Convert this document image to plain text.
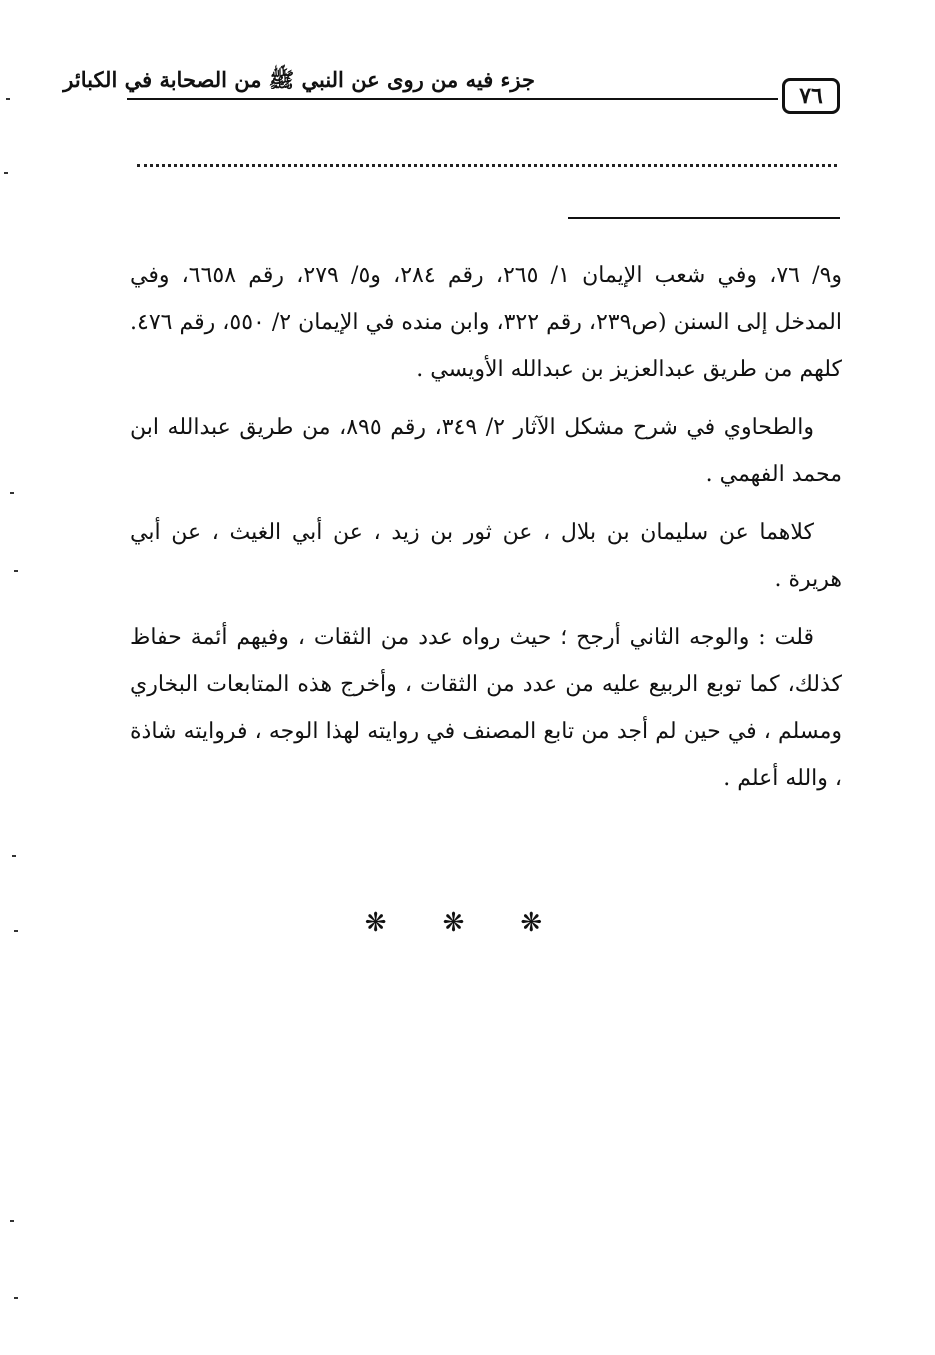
جزء فيه من روى عن النبي ﷺ من الصحابة في الكبائر
٧٦

و٩/ ٧٦، وفي شعب الإيمان ١/ ٢٦٥، رقم ٢٨٤، و٥/ ٢٧٩، رقم ٦٦٥٨، وفي المدخل إلى السنن (ص٢٣٩، رقم ٣٢٢، وابن منده في الإيمان ٢/ ٥٥٠، رقم ٤٧٦. كلهم من طريق عبدالعزيز بن عبدالله الأويسي .

والطحاوي في شرح مشكل الآثار ٢/ ٣٤٩، رقم ٨٩٥، من طريق عبدالله ابن محمد الفهمي .

كلاهما عن سليمان بن بلال ، عن ثور بن زيد ، عن أبي الغيث ، عن أبي هريرة .

قلت : والوجه الثاني أرجح ؛ حيث رواه عدد من الثقات ، وفيهم أئمة حفاظ كذلك، كما توبع الربيع عليه من عدد من الثقات ، وأخرج هذه المتابعات البخاري ومسلم ، في حين لم أجد من تابع المصنف في روايته لهذا الوجه ، فروايته شاذة ، والله أعلم .

❋ ❋ ❋
